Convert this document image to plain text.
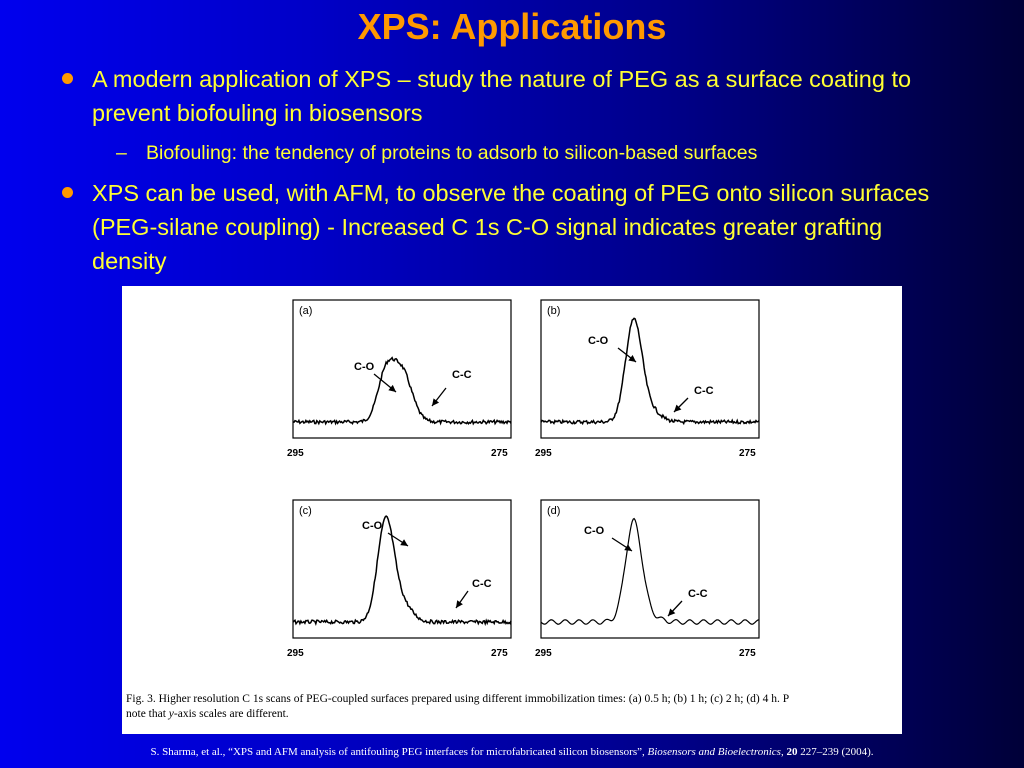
XPS: Applications
A modern application of XPS – study the nature of PEG as a surface coating to prevent biofouling in biosensors
– Biofouling: the tendency of proteins to adsorb to silicon-based surfaces
XPS can be used, with AFM, to observe the coating of PEG onto silicon surfaces (PEG-silane coupling) - Increased C 1s C-O signal indicates greater grafting density
(a)
295	275
C-O
C-C
(b)
295	275
C-O
C-C
(c)
295	275
C-O
C-C
(d)
295	275
C-O
C-C
Fig. 3. Higher resolution C 1s scans of PEG-coupled surfaces prepared using different immobilization times: (a) 0.5 h; (b) 1 h; (c) 2 h; (d) 4 h. P
note that y-axis scales are different.
S. Sharma, et al., “XPS and AFM analysis of antifouling PEG interfaces for microfabricated silicon biosensors”, Biosensors and Bioelectronics, 20 227–239 (2004).
